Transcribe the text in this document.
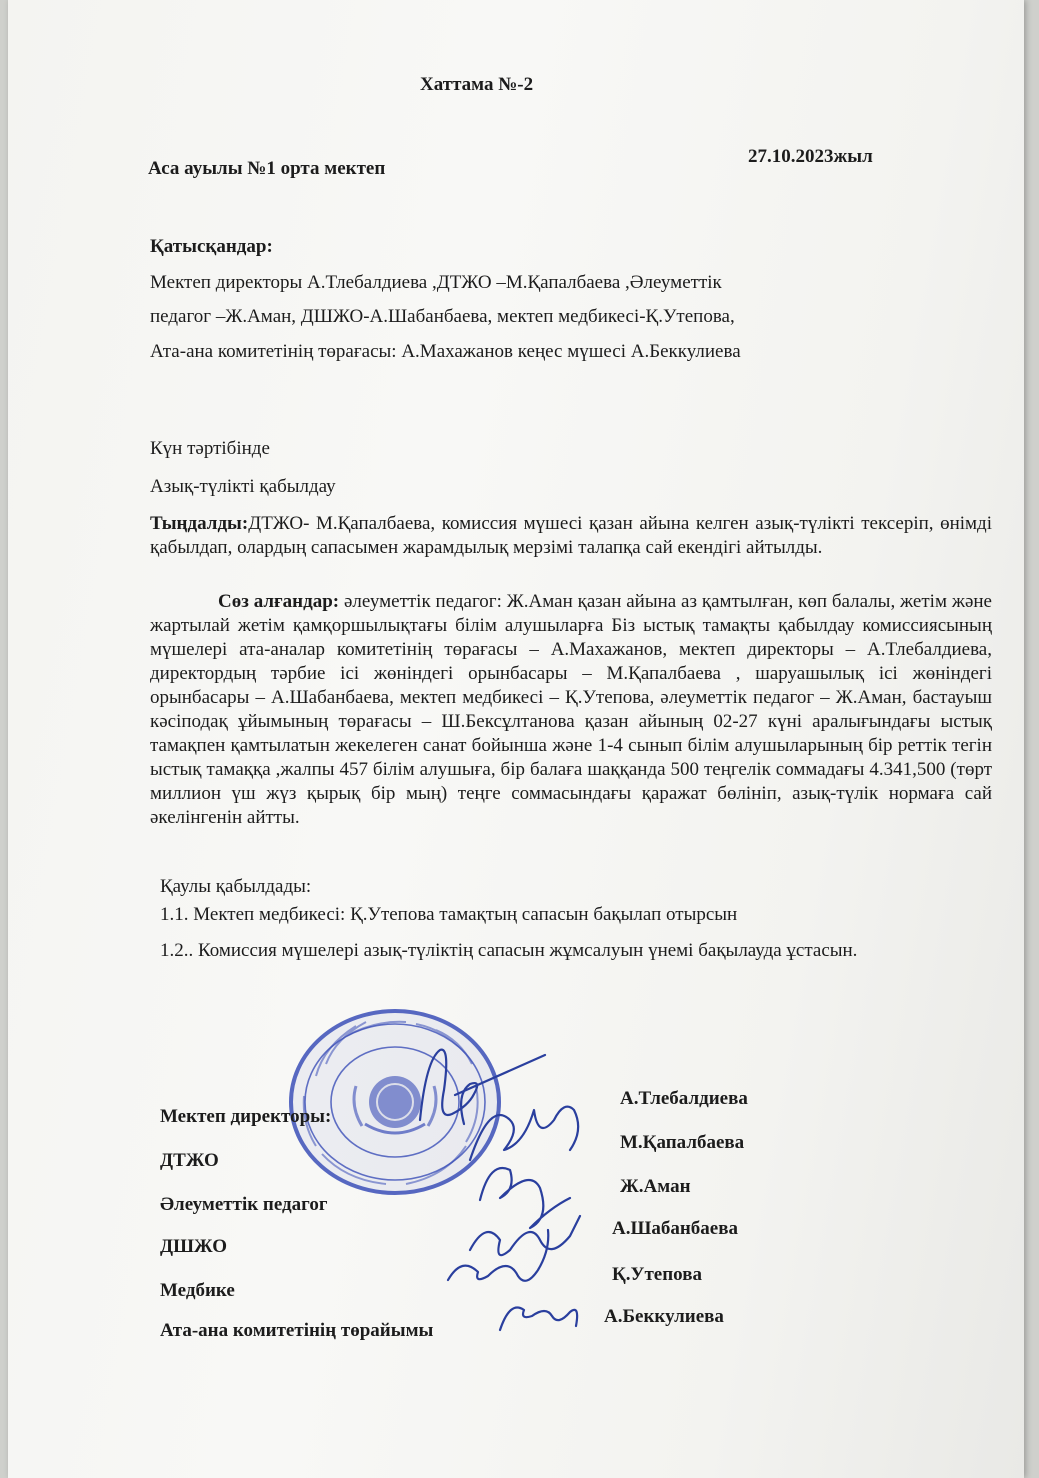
Хаттама №-2
Аса ауылы №1 орта мектеп
27.10.2023жыл
Қатысқандар:
Мектеп директоры А.Тлебалдиева ,ДТЖО –М.Қапалбаева ,Әлеуметтік
педагог –Ж.Аман, ДШЖО-А.Шабанбаева, мектеп медбикесі-Қ.Утепова,
Ата-ана комитетінің төрағасы: А.Махажанов кеңес мүшесі А.Беккулиева
Күн тәртібінде
Азық-түлікті қабылдау
Тыңдалды:ДТЖО- М.Қапалбаева, комиссия мүшесі қазан айына келген азық-түлікті тексеріп, өнімді қабылдап, олардың сапасымен жарамдылық мерзімі талапқа сай екендігі айтылды.
Сөз алғандар: әлеуметтік педагог: Ж.Аман қазан айына аз қамтылған, көп балалы, жетім және жартылай жетім қамқоршылықтағы білім алушыларға Біз ыстық тамақты қабылдау комиссиясының мүшелері ата-аналар комитетінің төрағасы – А.Махажанов, мектеп директоры – А.Тлебалдиева, директордың тәрбие ісі жөніндегі орынбасары – М.Қапалбаева , шаруашылық ісі жөніндегі орынбасары – А.Шабанбаева, мектеп медбикесі – Қ.Утепова, әлеуметтік педагог – Ж.Аман, бастауыш кәсіподақ ұйымының төрағасы – Ш.Бексұлтанова қазан айының 02-27 күні аралығындағы ыстық тамақпен қамтылатын жекелеген санат бойынша және 1-4 сынып білім алушыларының бір реттік тегін ыстық тамаққа ,жалпы 457 білім алушыға, бір балаға шаққанда 500 теңгелік соммадағы 4.341,500 (төрт миллион үш жүз қырық бір мың) теңге соммасындағы қаражат бөлініп, азық-түлік нормаға сай әкелінгенін айтты.
Қаулы қабылдады:
1.1. Мектеп медбикесі: Қ.Утепова тамақтың сапасын бақылап отырсын
1.2.. Комиссия мүшелері азық-түліктің сапасын жұмсалуын үнемі бақылауда ұстасын.
Мектеп директоры:
А.Тлебалдиева
ДТЖО
М.Қапалбаева
Әлеуметтік педагог
Ж.Аман
ДШЖО
А.Шабанбаева
Медбике
Қ.Утепова
Ата-ана комитетінің төрайымы
А.Беккулиева
